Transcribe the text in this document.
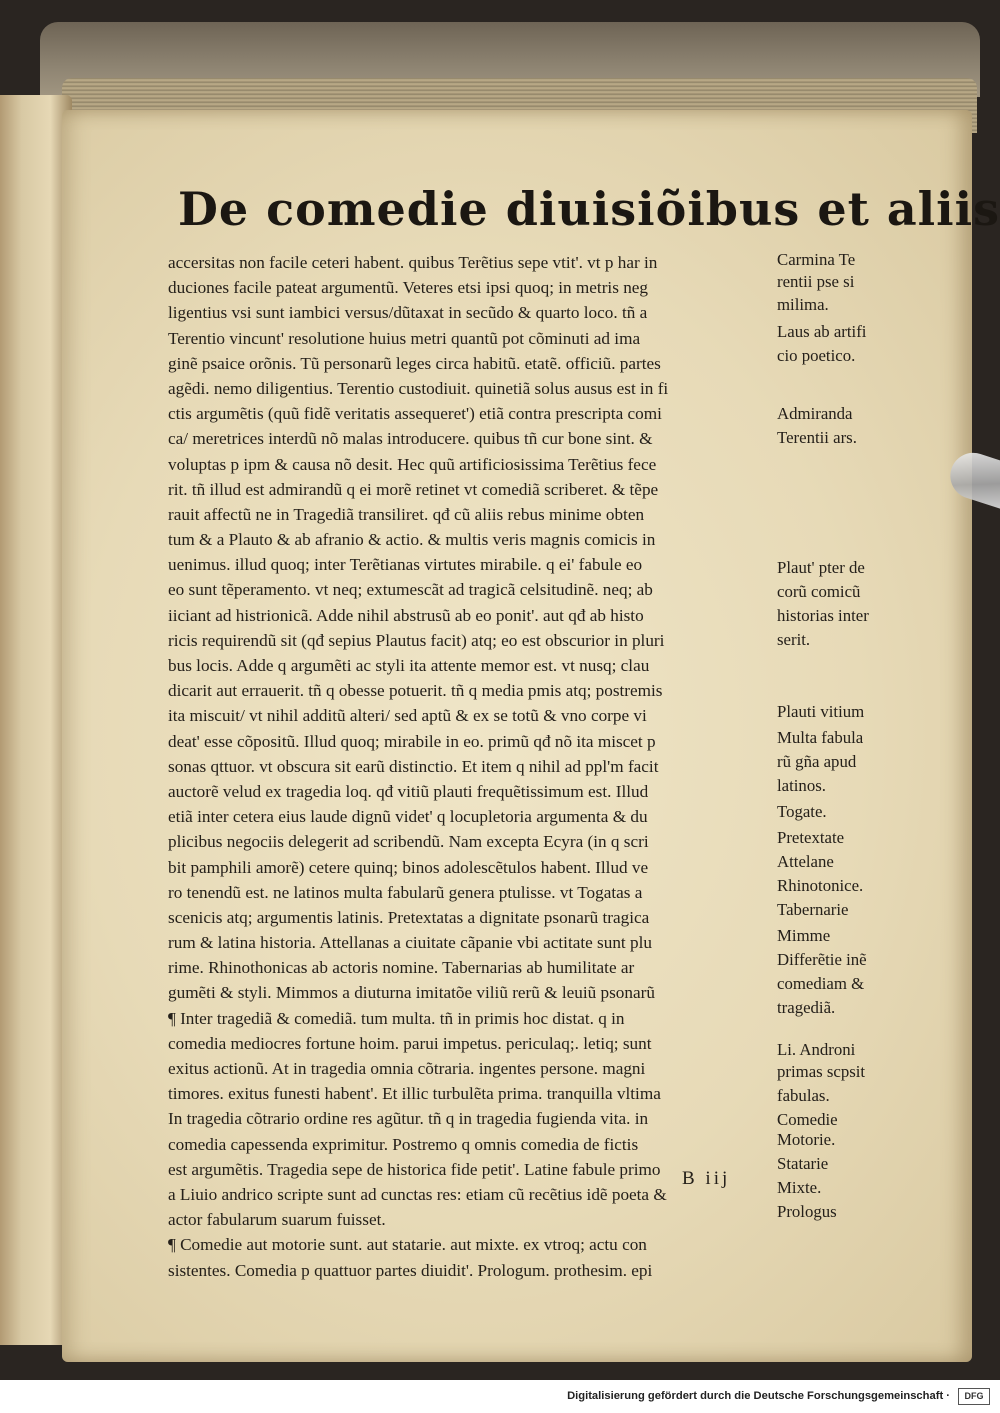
De comedie diuisiõibus et aliis
accersitas non facile ceteri habent. quibus Terẽtius sepe vtit'. vt p har in
duciones facile pateat argumentũ. Veteres etsi ipsi quoq; in metris neg
ligentius vsi sunt iambici versus/dũtaxat in secũdo & quarto loco. tñ a
Terentio vincunt' resolutione huius metri quantũ pot cõminuti ad ima
ginẽ psaice orõnis. Tũ personarũ leges circa habitũ. etatẽ. officiũ. partes
agẽdi. nemo diligentius. Terentio custodiuit. quinetiã solus ausus est in fi
ctis argumẽtis (quũ fidẽ veritatis assequeret') etiã contra prescripta comi
ca/ meretrices interdũ nõ malas introducere. quibus tñ cur bone sint. &
voluptas p ipm & causa nõ desit. Hec quũ artificiosissima Terẽtius fece
rit. tñ illud est admirandũ q ei morẽ retinet vt comediã scriberet. & tẽpe
rauit affectũ ne in Tragediã transiliret. qđ cũ aliis rebus minime obten
tum & a Plauto & ab afranio & actio. & multis veris magnis comicis in
uenimus. illud quoq; inter Terẽtianas virtutes mirabile. q ei' fabule eo
eo sunt tẽperamento. vt neq; extumescãt ad tragicã celsitudinẽ. neq; ab
iiciant ad histrionicã. Adde nihil abstrusũ ab eo ponit'. aut qđ ab histo
ricis requirendũ sit (qđ sepius Plautus facit) atq; eo est obscurior in pluri
bus locis. Adde q argumẽti ac styli ita attente memor est. vt nusq; clau
dicarit aut errauerit. tñ q obesse potuerit. tñ q media pmis atq; postremis
ita miscuit/ vt nihil additũ alteri/ sed aptũ & ex se totũ & vno corpe vi
deat' esse cõpositũ. Illud quoq; mirabile in eo. primũ qđ nõ ita miscet p
sonas qttuor. vt obscura sit earũ distinctio. Et item q nihil ad ppl'm facit
auctorẽ velud ex tragedia loq. qđ vitiũ plauti frequẽtissimum est. Illud
etiã inter cetera eius laude dignũ videt' q locupletoria argumenta & du
plicibus negociis delegerit ad scribendũ. Nam excepta Ecyra (in q scri
bit pamphili amorẽ) cetere quinq; binos adolescẽtulos habent. Illud ve
ro tenendũ est. ne latinos multa fabularũ genera ptulisse. vt Togatas a
scenicis atq; argumentis latinis. Pretextatas a dignitate psonarũ tragica
rum & latina historia. Attellanas a ciuitate cãpanie vbi actitate sunt plu
rime. Rhinothonicas ab actoris nomine. Tabernarias ab humilitate ar
gumẽti & styli. Mimmos a diuturna imitatõe viliũ rerũ & leuiũ psonarũ
¶ Inter tragediã & comediã. tum multa. tñ in primis hoc distat. q in
comedia mediocres fortune hoim. parui impetus. periculaq;. letiq; sunt
exitus actionũ. At in tragedia omnia cõtraria. ingentes persone. magni
timores. exitus funesti habent'. Et illic turbulẽta prima. tranquilla vltima
In tragedia cõtrario ordine res agũtur. tñ q in tragedia fugienda vita. in
comedia capessenda exprimitur. Postremo q omnis comedia de fictis
est argumẽtis. Tragedia sepe de historica fide petit'. Latine fabule primo
a Liuio andrico scripte sunt ad cunctas res: etiam cũ recẽtius idẽ poeta &
actor fabularum suarum fuisset.
¶ Comedie aut motorie sunt. aut statarie. aut mixte. ex vtroq; actu con
sistentes. Comedia p quattuor partes diuidit'. Prologum. prothesim. epi
Carmina Te
rentii pse si
milima.
Laus ab artifi
cio poetico.
Admiranda
Terentii ars.
Plaut' pter de
corũ comicũ
historias inter
serit.
Plauti vitium
Multa fabula
rũ gña apud
latinos.
Togate.
Pretextate
Attelane
Rhinotonice.
Tabernarie
Mimme
Differẽtie inẽ
comediam &
tragediã.
Li. Androni
primas scpsit
fabulas.
Comedie
Motorie.
Statarie
Mixte.
Prologus
B iij
Digitalisierung gefördert durch die Deutsche Forschungsgemeinschaft ·	DFG
